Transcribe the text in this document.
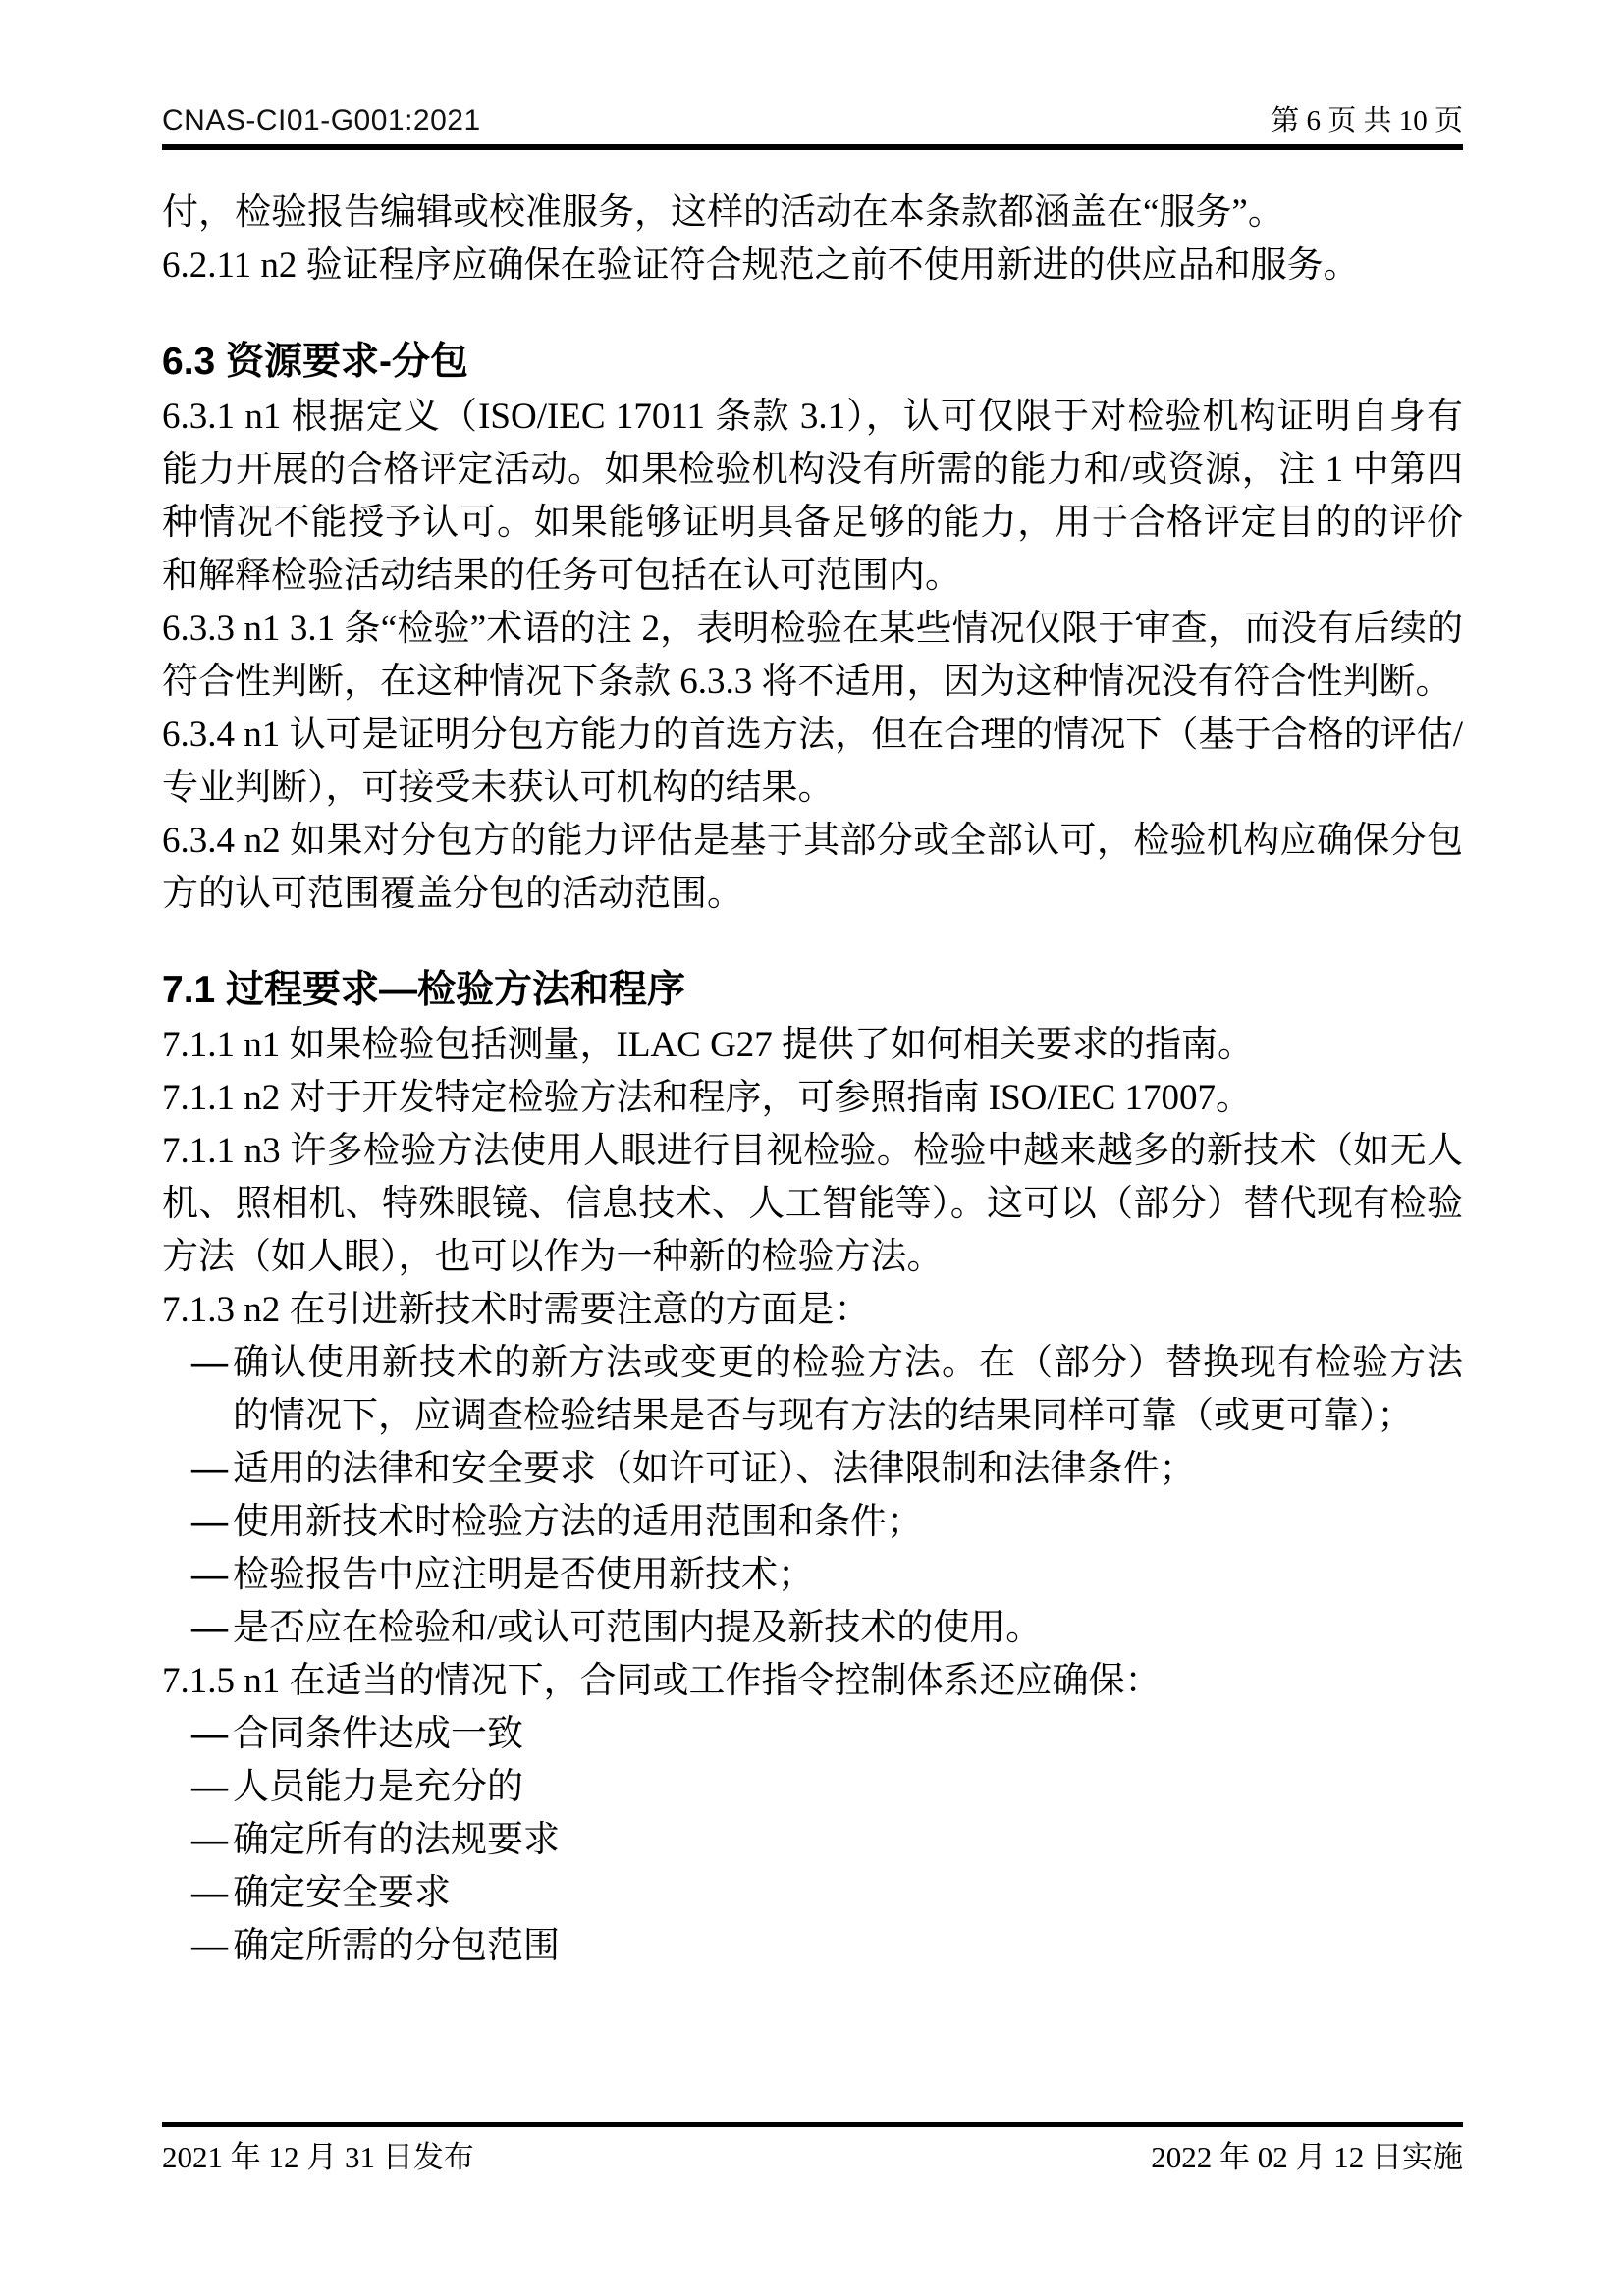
CNAS-CI01-G001:2021	第 6 页 共 10 页

付，检验报告编辑或校准服务，这样的活动在本条款都涵盖在“服务”。

6.2.11 n2 验证程序应确保在验证符合规范之前不使用新进的供应品和服务。

6.3 资源要求-分包

6.3.1 n1 根据定义（ISO/IEC 17011 条款 3.1），认可仅限于对检验机构证明自身有能力开展的合格评定活动。如果检验机构没有所需的能力和/或资源，注 1 中第四种情况不能授予认可。如果能够证明具备足够的能力，用于合格评定目的的评价和解释检验活动结果的任务可包括在认可范围内。

6.3.3 n1 3.1 条“检验”术语的注 2，表明检验在某些情况仅限于审查，而没有后续的符合性判断，在这种情况下条款 6.3.3 将不适用，因为这种情况没有符合性判断。

6.3.4 n1 认可是证明分包方能力的首选方法，但在合理的情况下（基于合格的评估/专业判断），可接受未获认可机构的结果。

6.3.4 n2 如果对分包方的能力评估是基于其部分或全部认可，检验机构应确保分包方的认可范围覆盖分包的活动范围。

7.1 过程要求—检验方法和程序

7.1.1 n1 如果检验包括测量，ILAC G27 提供了如何相关要求的指南。

7.1.1 n2 对于开发特定检验方法和程序，可参照指南 ISO/IEC 17007。

7.1.1 n3 许多检验方法使用人眼进行目视检验。检验中越来越多的新技术（如无人机、照相机、特殊眼镜、信息技术、人工智能等）。这可以（部分）替代现有检验方法（如人眼），也可以作为一种新的检验方法。

7.1.3 n2 在引进新技术时需要注意的方面是：

— 确认使用新技术的新方法或变更的检验方法。在（部分）替换现有检验方法的情况下，应调查检验结果是否与现有方法的结果同样可靠（或更可靠）；
— 适用的法律和安全要求（如许可证）、法律限制和法律条件；
— 使用新技术时检验方法的适用范围和条件；
— 检验报告中应注明是否使用新技术；
— 是否应在检验和/或认可范围内提及新技术的使用。

7.1.5 n1 在适当的情况下，合同或工作指令控制体系还应确保：

— 合同条件达成一致
— 人员能力是充分的
— 确定所有的法规要求
— 确定安全要求
— 确定所需的分包范围
2021 年 12 月 31 日发布	2022 年 02 月 12 日实施
